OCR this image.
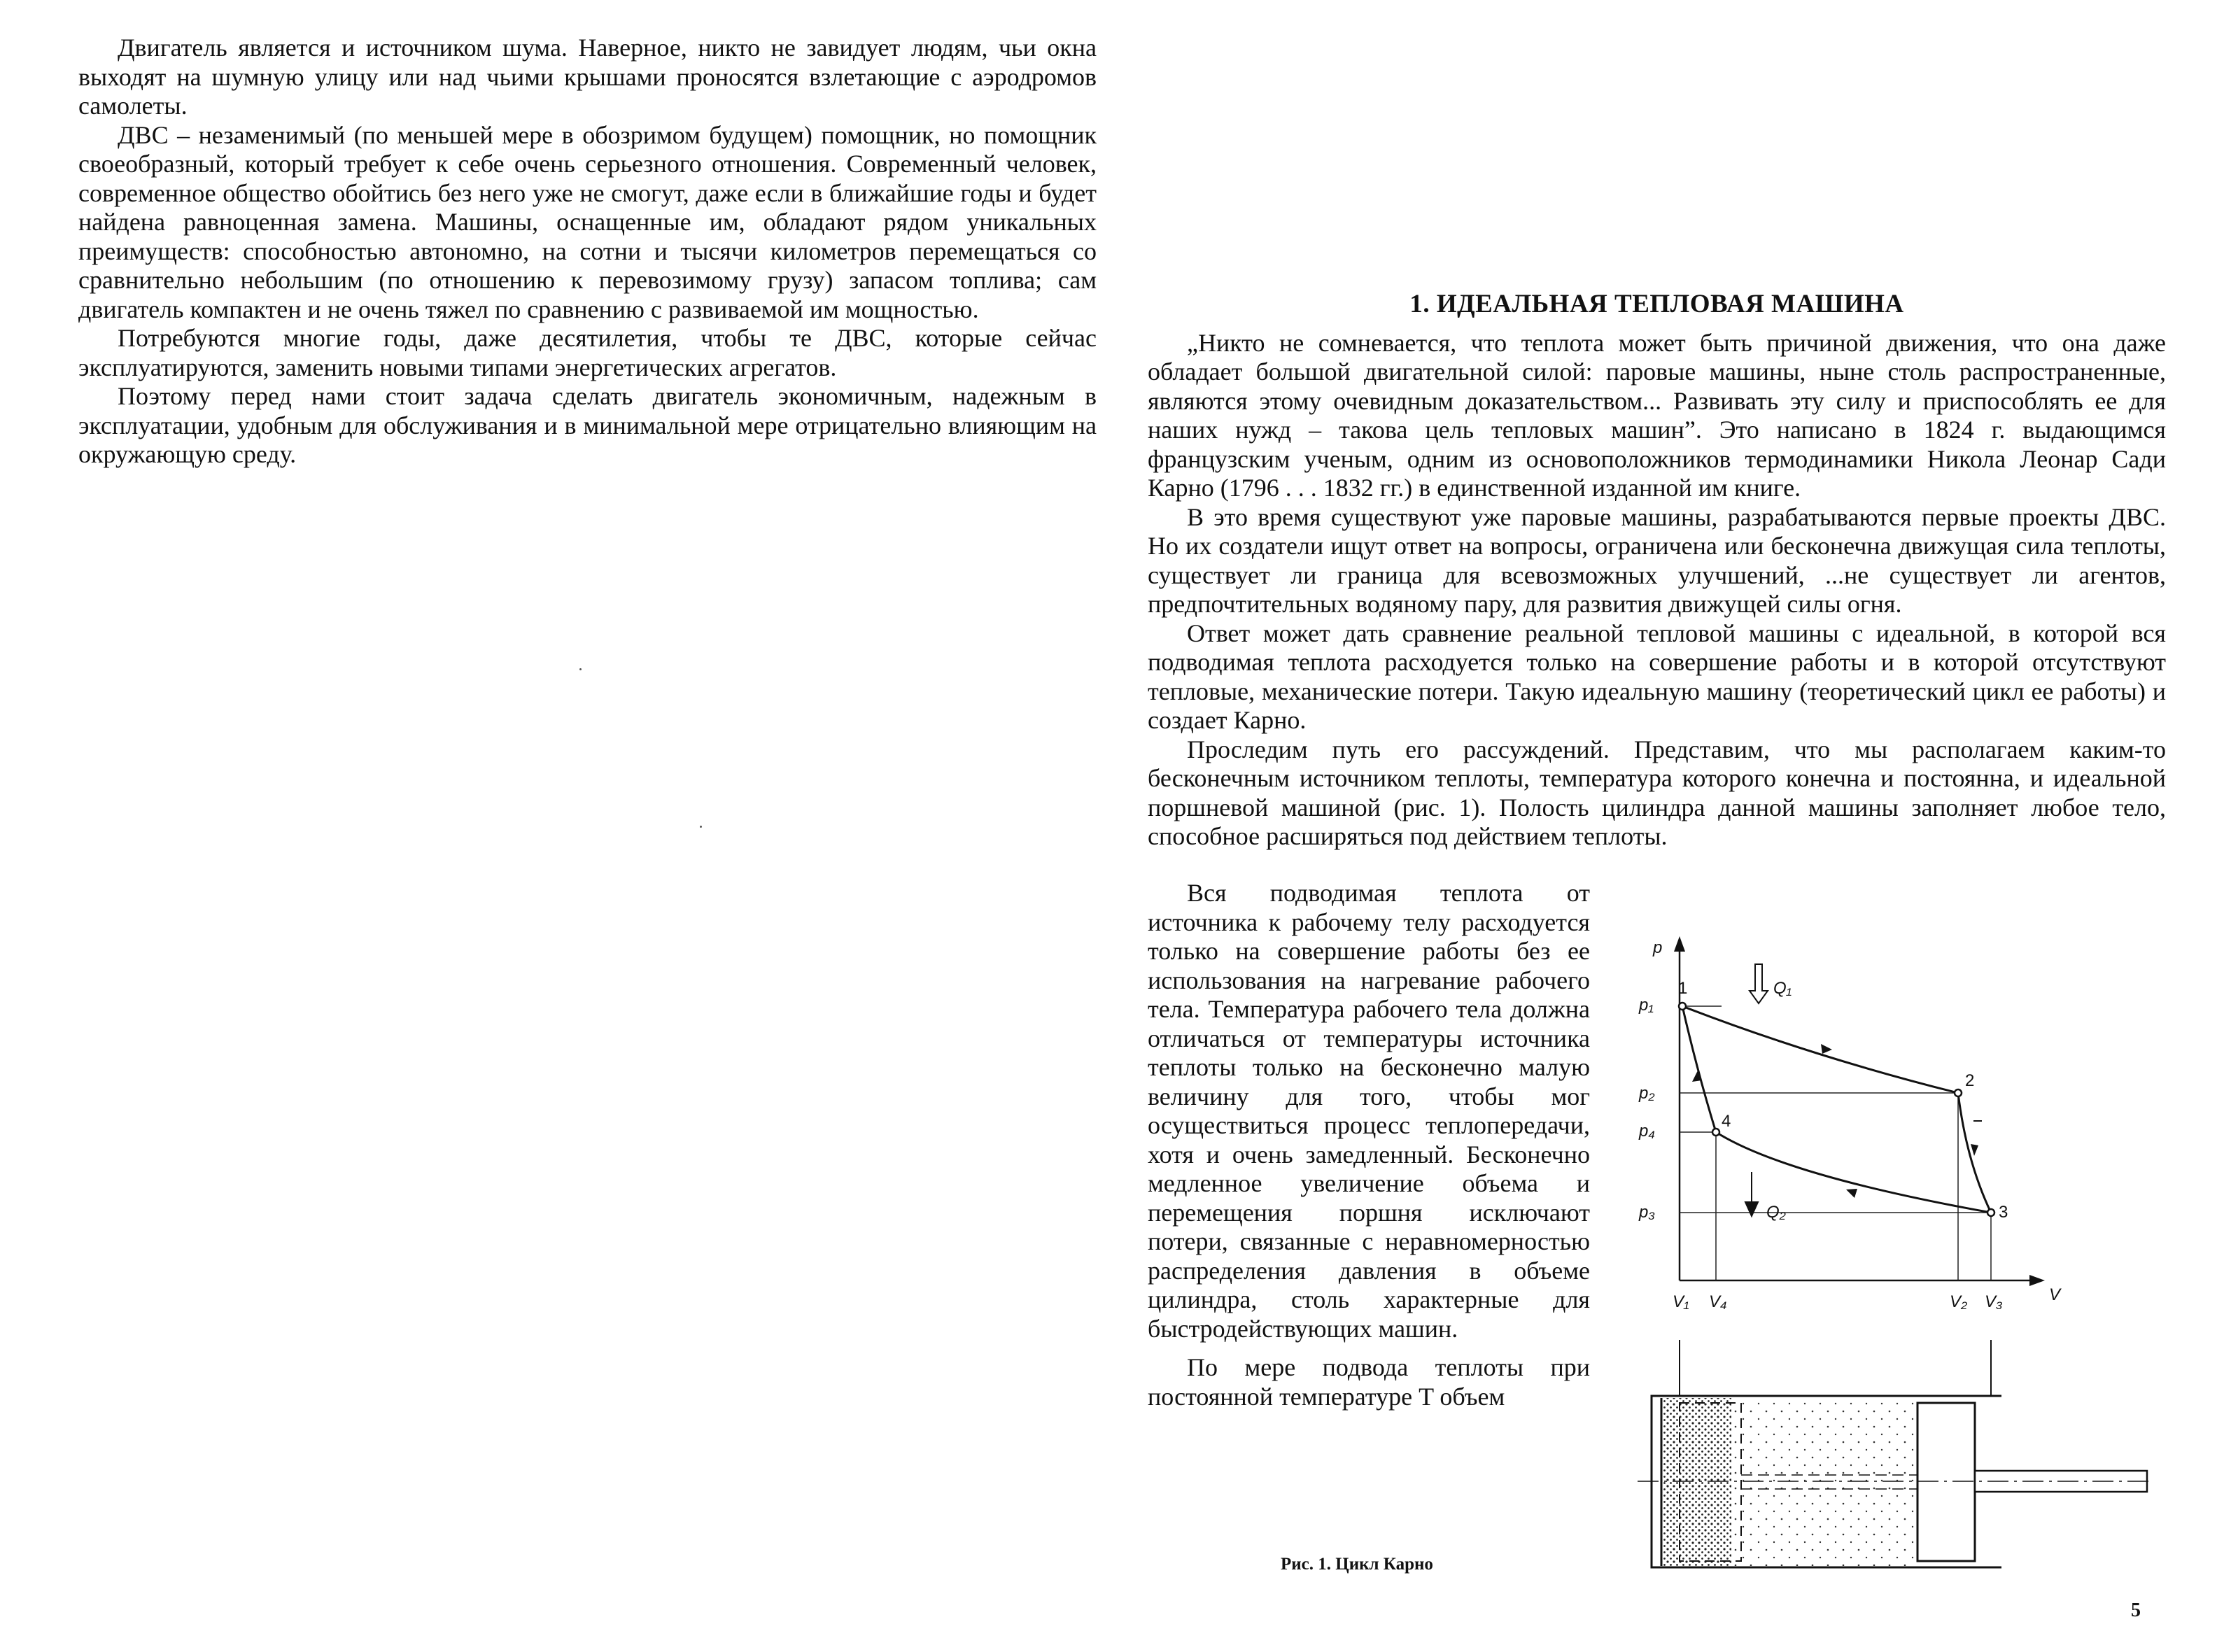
Двигатель является и источником шума. Наверное, никто не завидует людям, чьи окна выходят на шумную улицу или над чьими крышами проносятся взлетающие с аэродромов самолеты.

ДВС – незаменимый (по меньшей мере в обозримом будущем) помощник, но помощник своеобразный, который требует к себе очень серьезного отношения. Современный человек, современное общество обойтись без него уже не смогут, даже если в ближайшие годы и будет найдена равноценная замена. Машины, оснащенные им, обладают рядом уникальных преимуществ: способностью автономно, на сотни и тысячи километров перемещаться со сравнительно небольшим (по отношению к перевозимому грузу) запасом топлива; сам двигатель компактен и не очень тяжел по сравнению с развиваемой им мощностью.

Потребуются многие годы, даже десятилетия, чтобы те ДВС, которые сейчас эксплуатируются, заменить новыми типами энергетических агрегатов.

Поэтому перед нами стоит задача сделать двигатель экономичным, надежным в эксплуатации, удобным для обслуживания и в минимальной мере отрицательно влияющим на окружающую среду.

1. ИДЕАЛЬНАЯ ТЕПЛОВАЯ МАШИНА

„Никто не сомневается, что теплота может быть причиной движения, что она даже обладает большой двигательной силой: паровые машины, ныне столь распространенные, являются этому очевидным доказательством... Развивать эту силу и приспособлять ее для наших нужд – такова цель тепловых машин”. Это написано в 1824 г. выдающимся французским ученым, одним из основоположников термодинамики Никола Леонар Сади Карно (1796 . . . 1832 гг.) в единственной изданной им книге.

В это время существуют уже паровые машины, разрабатываются первые проекты ДВС. Но их создатели ищут ответ на вопросы, ограничена или бесконечна движущая сила теплоты, существует ли граница для всевозможных улучшений, ...не существует ли агентов, предпочтительных водяному пару, для развития движущей силы огня.

Ответ может дать сравнение реальной тепловой машины с идеальной, в которой вся подводимая теплота расходуется только на совершение работы и в которой отсутствуют тепловые, механические потери. Такую идеальную машину (теоретический цикл ее работы) и создает Карно.

Проследим путь его рассуждений. Представим, что мы располагаем каким-то бесконечным источником теплоты, температура которого конечна и постоянна, и идеальной поршневой машиной (рис. 1). Полость цилиндра данной машины заполняет любое тело, способное расширяться под действием теплоты.

Вся подводимая теплота от источника к рабочему телу расходуется только на совершение работы без ее использования на нагревание рабочего тела. Температура рабочего тела должна отличаться от температуры источника теплоты только на бесконечно малую величину для того, чтобы мог осуществиться процесс теплопередачи, хотя и очень замедленный. Бесконечно медленное увеличение объема и перемещения поршня исключают потери, связанные с неравномерностью распределения давления в объеме цилиндра, столь характерные для быстродействующих машин.

По мере подвода теплоты при постоянной температуре T объем

p
V
1
2
3
4
p₁
p₂
p₄
p₃
V₁ V₄	V₂ V₃
Q₁
Q₂
Рис. 1. Цикл Карно
5
